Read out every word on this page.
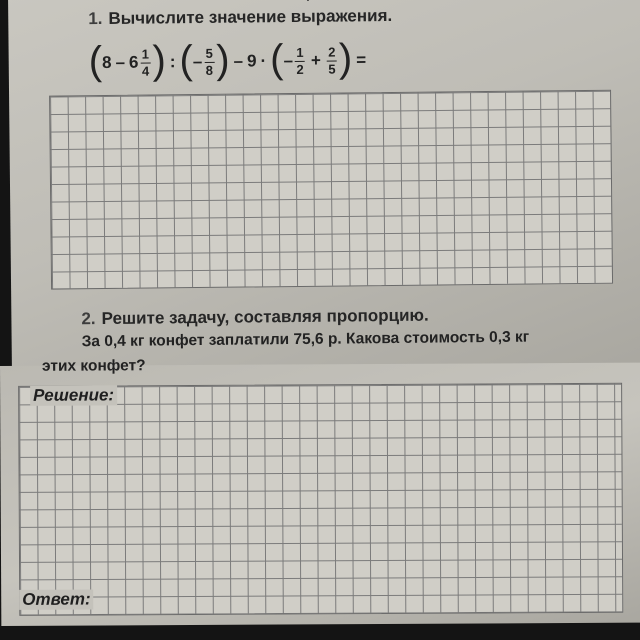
1. Вычислите значение выражения.
( $8 - 6 \frac{1}{4}$ ) : ( – $\frac{5}{8}$ ) – 9 · ( – $\frac{1}{2} + \frac{2}{5}$ ) =
2. Решите задачу, составляя пропорцию.
За 0,4 кг конфет заплатили 75,6 р. Какова стоимость 0,3 кг
этих конфет?
Решение:
Ответ:
